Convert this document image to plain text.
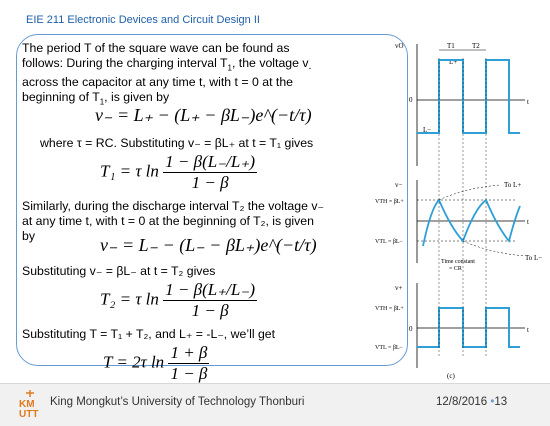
EIE 211 Electronic Devices and Circuit Design II
The period T of the square wave can be found as
follows: During the charging interval $T_1$, the voltage $v_-$
across the capacitor at any time t, with t = 0 at the
beginning of $T_1$, is given by
v₋ = L₊ − (L₊ − βL₋)e^(−t/τ)
where τ = RC. Substituting v₋ = βL₊ at t = T₁ gives
T₁ = τ $\ln \frac{1 - \beta(L_-/L_+)}{1 - \beta}$
Similarly, during the discharge interval T₂ the voltage v₋
at any time t, with t = 0 at the beginning of T₂, is given
by	v₋ = L₋ − (L₋ − βL₊)e^(−t/τ)
Substituting v₋ = βL₋ at t = T₂ gives
T₂ = τ $\ln \frac{1 - \beta(L_+/L_-)}{1 - \beta}$
Substituting T = T₁ + T₂, and L₊ = -L₋, we’ll get
T = 2τ $\ln \frac{1 + \beta}{1 - \beta}$
vO
0	t
L+
L−
T1 T2
v−
VTH = βL+
VTL = βL−
t
To L+
To L−
Time constant
= CR
v+
VTH = βL+
VTL = βL−
0	t
(c)
KM
UTT
King Mongkut’s University of Technology Thonburi	12/8/2016 •13
